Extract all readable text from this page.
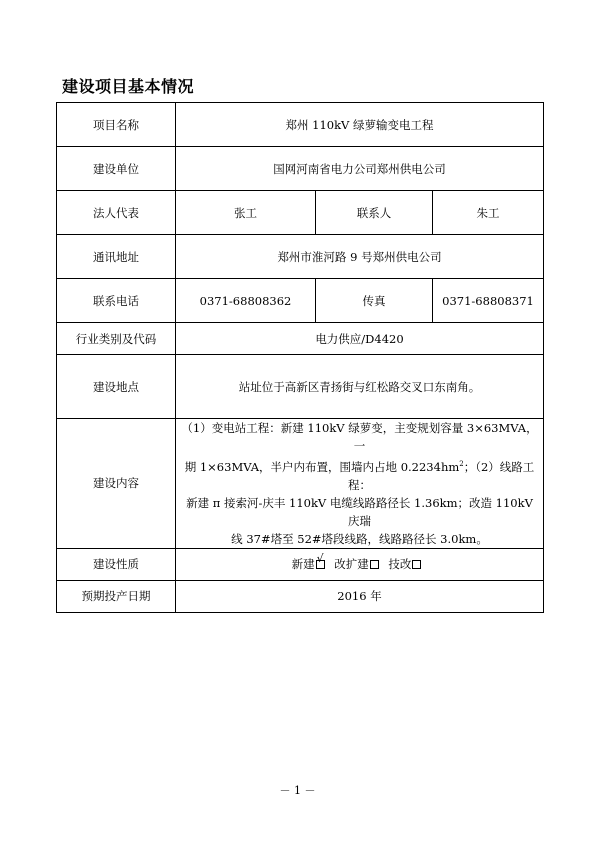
建设项目基本情况
项目名称	郑州 110kV 绿萝输变电工程		
建设单位	国网河南省电力公司郑州供电公司		
法人代表	张工	联系人	朱工
通讯地址	郑州市淮河路 9 号郑州供电公司		
联系电话	0371-68808362	传真	0371-68808371
行业类别及代码	电力供应/D4420		
建设地点	站址位于高新区青扬街与红松路交叉口东南角。		
建设内容	（1）变电站工程：新建 110kV 绿萝变，主变规划容量 3×63MVA，一
期 1×63MVA，半户内布置，围墙内占地 $0.2234hm^2$；（2）线路工程：
新建 π 接索河-庆丰 110kV 电缆线路路径长 1.36km；改造 110kV 庆瑞
线 37#塔至 52#塔段线路，线路路径长 3.0km。		

建设性质	新建 √ 改扩建 技改
预期投产日期	2016 年		
－ 1 －
